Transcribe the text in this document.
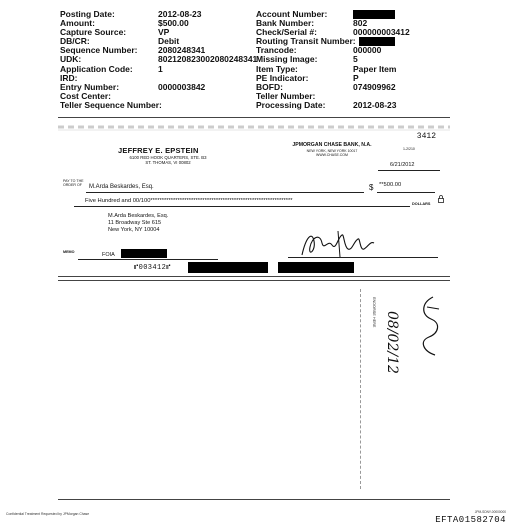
Posting Date:	2012-08-23	Account Number:
Amount:	$500.00	Bank Number:	802
Capture Source:	VP	Check/Serial #:	000000003412
DB/CR:	Debit	Routing Transit Number:
Sequence Number: 2080248341	Trancode:	000000
UDK:	802120823002080248341
Missing Image:	5
Application Code:	1	Item Type:	Paper Item
IRD:	PE Indicator:	P
Entry Number:	0000003842	BOFD:	074909962
Cost Center:	Teller Number:
Teller Sequence Number:	Processing Date:	2012-08-23
3412
JEFFREY E. EPSTEIN
6100 RED HOOK QUARTERS, STE. B3
ST. THOMAS, VI 00802
JPMORGAN CHASE BANK, N.A.
NEW YORK, NEW YORK 10017
WWW.CHASE.COM
1-2/210
6/21/2012
PAY TO THE
ORDER OF	M.Arda Beskardes, Esq.	$ **500.00
Five Hundred and 00/100***************************************************************	DOLLARS
M.Arda Beskardes, Esq.
11 Broadway Ste 615
New York, NY 10004
MEMO	FOIA
⑈003412⑈
ENDORSE HERE 08/02/12
Confidential Treatment Requested by JPMorgan Chase	JPM-SDNY-00000000
EFTA01582704
